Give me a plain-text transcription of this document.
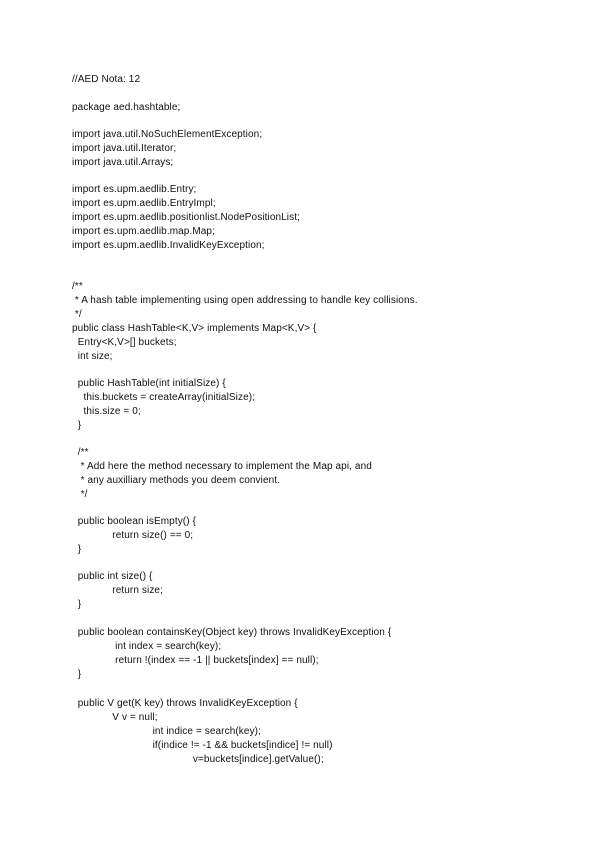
//AED Nota: 12
package aed.hashtable;
import java.util.NoSuchElementException;
import java.util.Iterator;
import java.util.Arrays;
import es.upm.aedlib.Entry;
import es.upm.aedlib.EntryImpl;
import es.upm.aedlib.positionlist.NodePositionList;
import es.upm.aedlib.map.Map;
import es.upm.aedlib.InvalidKeyException;
/**
* A hash table implementing using open addressing to handle key collisions.
*/
public class HashTable<K,V> implements Map<K,V> {
Entry<K,V>[] buckets;
int size;
public HashTable(int initialSize) {
this.buckets = createArray(initialSize);
this.size = 0;
}
/**
* Add here the method necessary to implement the Map api, and
* any auxilliary methods you deem convient.
*/
public boolean isEmpty() {
return size() == 0;
}
public int size() {
return size;
}
public boolean containsKey(Object key) throws InvalidKeyException {
int index = search(key);
return !(index == -1 || buckets[index] == null);
}
public V get(K key) throws InvalidKeyException {
V v = null;
int indice = search(key);
if(indice != -1 && buckets[indice] != null)
v=buckets[indice].getValue();
